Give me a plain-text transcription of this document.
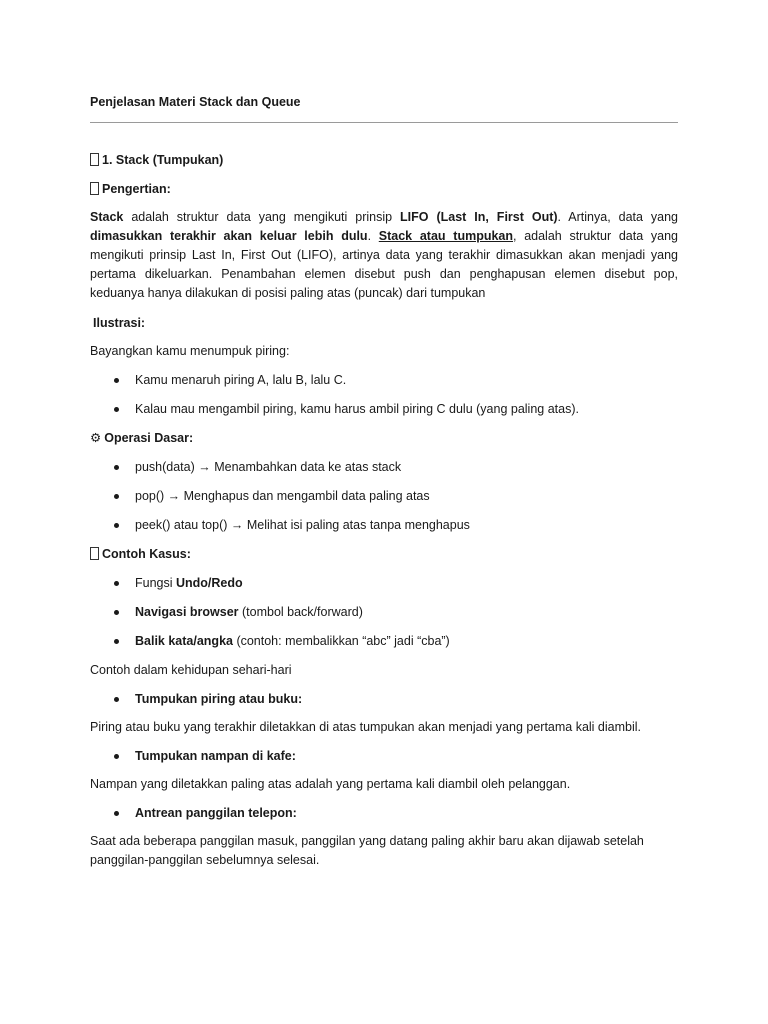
Penjelasan Materi Stack dan Queue
1. Stack (Tumpukan)
Pengertian:

Stack adalah struktur data yang mengikuti prinsip LIFO (Last In, First Out). Artinya, data yang dimasukkan terakhir akan keluar lebih dulu. Stack atau tumpukan, adalah struktur data yang mengikuti prinsip Last In, First Out (LIFO), artinya data yang terakhir dimasukkan akan menjadi yang pertama dikeluarkan. Penambahan elemen disebut push dan penghapusan elemen disebut pop, keduanya hanya dilakukan di posisi paling atas (puncak) dari tumpukan

Ilustrasi:

Bayangkan kamu menumpuk piring:

Kamu menaruh piring A, lalu B, lalu C.
Kalau mau mengambil piring, kamu harus ambil piring C dulu (yang paling atas).
⚙ Operasi Dasar:
push(data) → Menambahkan data ke atas stack
pop() → Menghapus dan mengambil data paling atas
peek() atau top() → Melihat isi paling atas tanpa menghapus
Contoh Kasus:
Fungsi Undo/Redo
Navigasi browser (tombol back/forward)
Balik kata/angka (contoh: membalikkan “abc” jadi “cba”)

Contoh dalam kehidupan sehari-hari

Tumpukan piring atau buku:

Piring atau buku yang terakhir diletakkan di atas tumpukan akan menjadi yang pertama kali diambil.

Tumpukan nampan di kafe:

Nampan yang diletakkan paling atas adalah yang pertama kali diambil oleh pelanggan.

Antrean panggilan telepon:

Saat ada beberapa panggilan masuk, panggilan yang datang paling akhir baru akan dijawab setelah panggilan-panggilan sebelumnya selesai.
